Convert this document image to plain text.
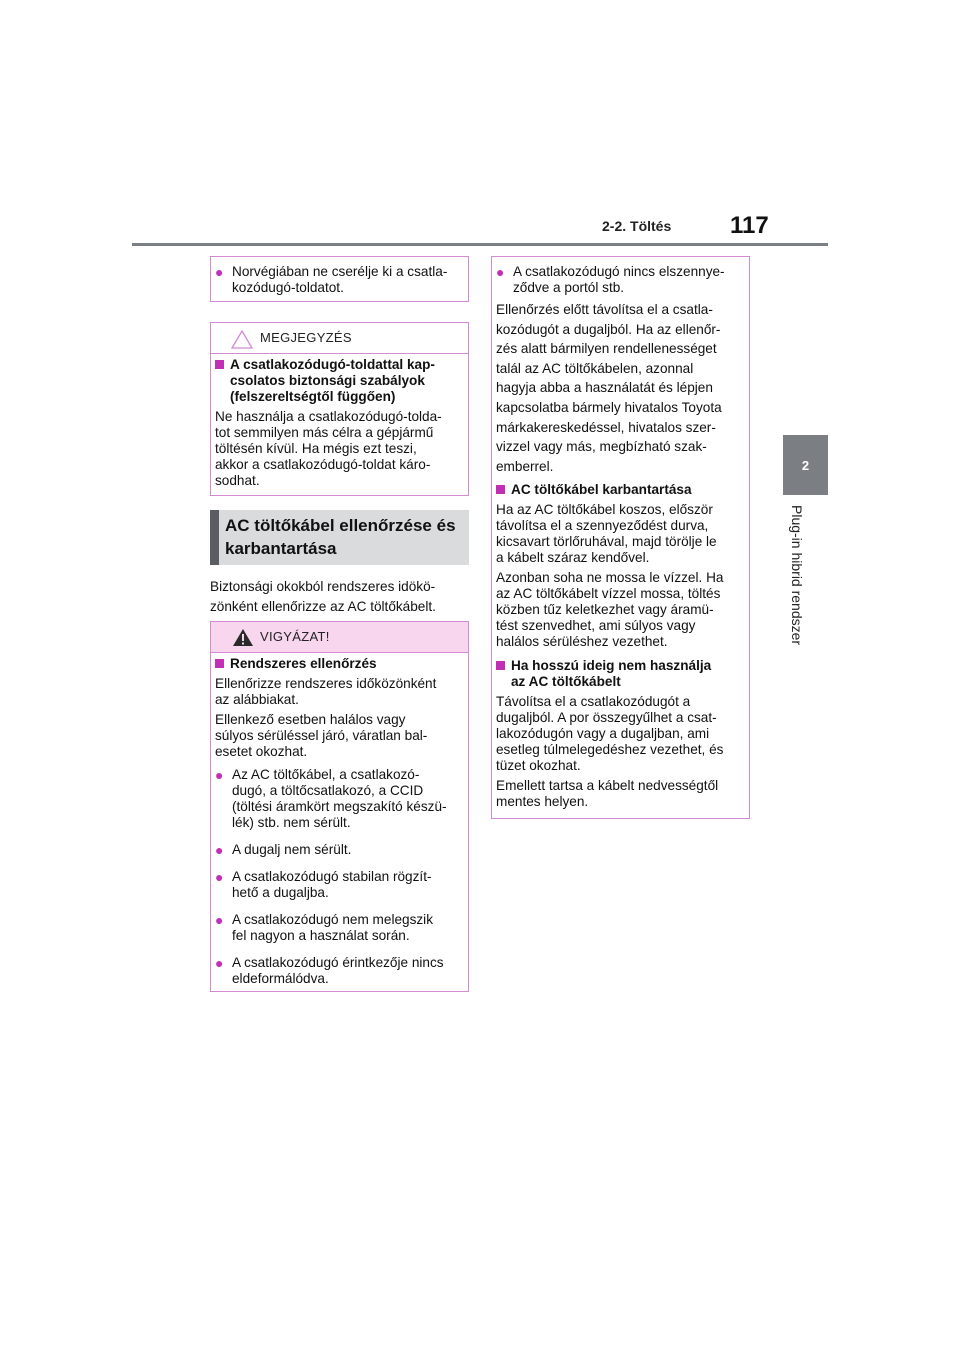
2-2. Töltés 117
2
Plug-in hibrid rendszer
● Norvégiában ne cserélje ki a csatla-
kozódugó-toldatot.
MEGJEGYZÉS
A csatlakozódugó-toldattal kap-
csolatos biztonsági szabályok
(felszereltségtől függően)
Ne használja a csatlakozódugó-tolda-
tot semmilyen más célra a gépjármű
töltésén kívül. Ha mégis ezt teszi,
akkor a csatlakozódugó-toldat káro-
sodhat.
AC töltőkábel ellenőrzése és
karbantartása
Biztonsági okokból rendszeres idökö-
zönként ellenőrizze az AC töltőkábelt.
VIGYÁZAT!
Rendszeres ellenőrzés
Ellenőrizze rendszeres időközönként
az alábbiakat.
Ellenkező esetben halálos vagy
súlyos sérüléssel járó, váratlan bal-
esetet okozhat.
● Az AC töltőkábel, a csatlakozó-
dugó, a töltőcsatlakozó, a CCID
(töltési áramkört megszakító készü-
lék) stb. nem sérült.
● A dugalj nem sérült.
● A csatlakozódugó stabilan rögzít-
hető a dugaljba.
● A csatlakozódugó nem melegszik
fel nagyon a használat során.
● A csatlakozódugó érintkezője nincs
eldeformálódva.
● A csatlakozódugó nincs elszennye-
ződve a portól stb.
Ellenőrzés előtt távolítsa el a csatla-
kozódugót a dugaljból. Ha az ellenőr-
zés alatt bármilyen rendellenességet
talál az AC töltőkábelen, azonnal
hagyja abba a használatát és lépjen
kapcsolatba bármely hivatalos Toyota
márkakereskedéssel, hivatalos szer-
vizzel vagy más, megbízható szak-
emberrel.
AC töltőkábel karbantartása
Ha az AC töltőkábel koszos, először
távolítsa el a szennyeződést durva,
kicsavart törlőruhával, majd törölje le
a kábelt száraz kendővel.
Azonban soha ne mossa le vízzel. Ha
az AC töltőkábelt vízzel mossa, töltés
közben tűz keletkezhet vagy áramü-
tést szenvedhet, ami súlyos vagy
halálos sérüléshez vezethet.
Ha hosszú ideig nem használja
az AC töltőkábelt
Távolítsa el a csatlakozódugót a
dugaljból. A por összegyűlhet a csat-
lakozódugón vagy a dugaljban, ami
esetleg túlmelegedéshez vezethet, és
tüzet okozhat.
Emellett tartsa a kábelt nedvességtől
mentes helyen.
